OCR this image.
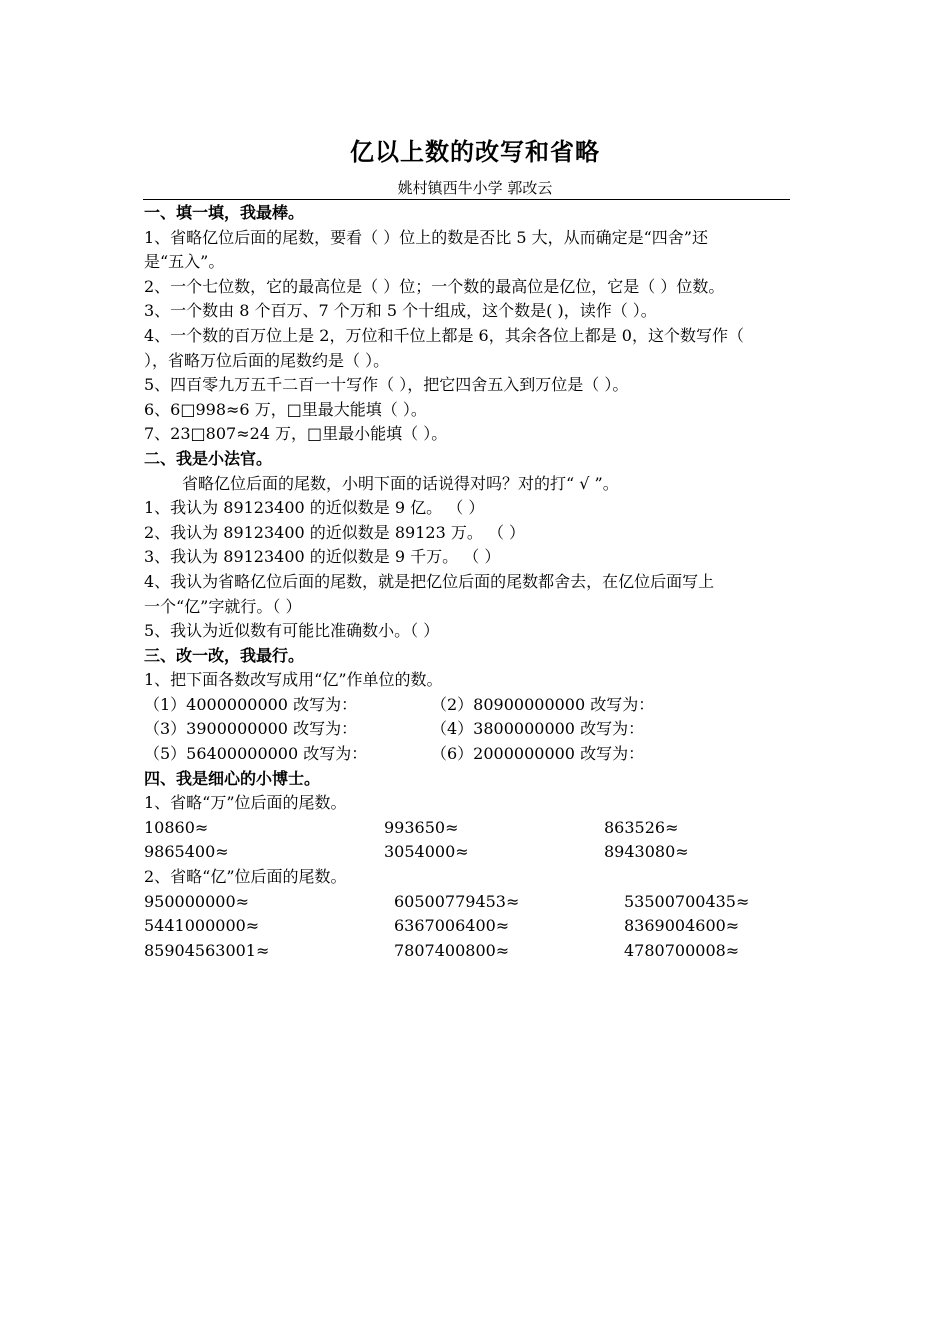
亿以上数的改写和省略
姚村镇西牛小学 郭改云
一、填一填，我最棒。
1、省略亿位后面的尾数，要看（ ）位上的数是否比 5 大，从而确定是“四舍”还
是“五入”。
2、一个七位数，它的最高位是（ ）位；一个数的最高位是亿位，它是（ ）位数。
3、一个数由 8 个百万、7 个万和 5 个十组成，这个数是( )，读作（ ）。
4、一个数的百万位上是 2，万位和千位上都是 6，其余各位上都是 0，这个数写作（
），省略万位后面的尾数约是（ ）。
5、四百零九万五千二百一十写作（ ），把它四舍五入到万位是（ ）。
6、6□998≈6 万，□里最大能填（ ）。
7、23□807≈24 万，□里最小能填（ ）。
二、我是小法官。
省略亿位后面的尾数，小明下面的话说得对吗？对的打“ √ ”。
1、我认为 89123400 的近似数是 9 亿。 （ ）
2、我认为 89123400 的近似数是 89123 万。 （ ）
3、我认为 89123400 的近似数是 9 千万。 （ ）
4、我认为省略亿位后面的尾数，就是把亿位后面的尾数都舍去，在亿位后面写上
一个“亿”字就行。（ ）
5、我认为近似数有可能比准确数小。（ ）
三、改一改，我最行。
1、把下面各数改写成用“亿”作单位的数。
（1）4000000000 改写为：	（2）80900000000 改写为：
（3）3900000000 改写为：	（4）3800000000 改写为：
（5）56400000000 改写为：	（6）2000000000 改写为：
四、我是细心的小博士。
1、省略“万”位后面的尾数。
10860≈	993650≈	863526≈
9865400≈	3054000≈	8943080≈
2、省略“亿”位后面的尾数。
950000000≈	60500779453≈	53500700435≈
5441000000≈	6367006400≈	8369004600≈
85904563001≈	7807400800≈	4780700008≈
